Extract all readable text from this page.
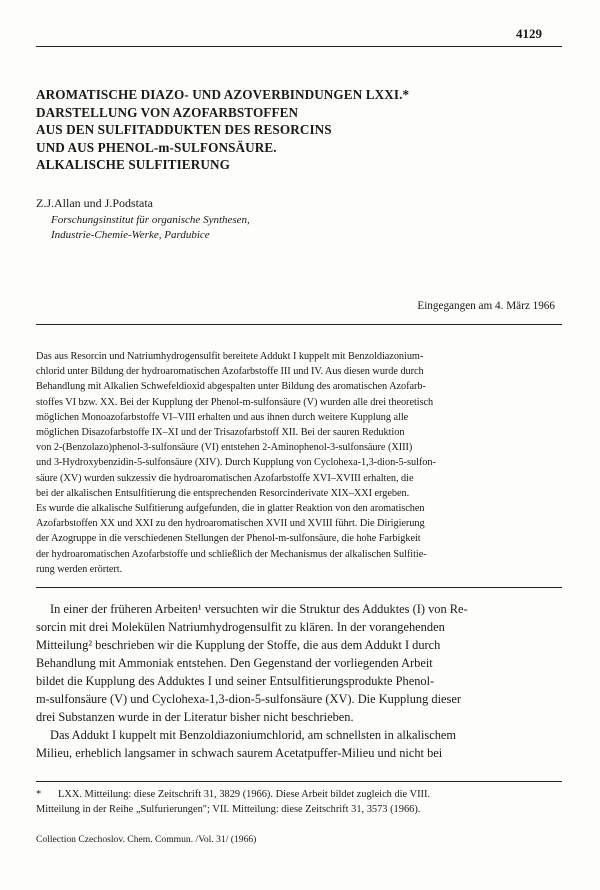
4129
AROMATISCHE DIAZO- UND AZOVERBINDUNGEN LXXI.*
DARSTELLUNG VON AZOFARBSTOFFEN
AUS DEN SULFITADDUKTEN DES RESORCINS
UND AUS PHENOL-m-SULFONSÄURE.
ALKALISCHE SULFITIERUNG
Z.J.Allan und J.Podstata
Forschungsinstitut für organische Synthesen,
Industrie-Chemie-Werke, Pardubice
Eingegangen am 4. März 1966
Das aus Resorcin und Natriumhydrogensulfit bereitete Addukt I kuppelt mit Benzoldiazonium-
chlorid unter Bildung der hydroaromatischen Azofarbstoffe III und IV. Aus diesen wurde durch
Behandlung mit Alkalien Schwefeldioxid abgespalten unter Bildung des aromatischen Azofarb-
stoffes VI bzw. XX. Bei der Kupplung der Phenol-m-sulfonsäure (V) wurden alle drei theoretisch
möglichen Monoazofarbstoffe VI–VIII erhalten und aus ihnen durch weitere Kupplung alle
möglichen Disazofarbstoffe IX–XI und der Trisazofarbstoff XII. Bei der sauren Reduktion
von 2-(Benzolazo)phenol-3-sulfonsäure (VI) entstehen 2-Aminophenol-3-sulfonsäure (XIII)
und 3-Hydroxybenzidin-5-sulfonsäure (XIV). Durch Kupplung von Cyclohexa-1,3-dion-5-sulfon-
säure (XV) wurden sukzessiv die hydroaromatischen Azofarbstoffe XVI–XVIII erhalten, die
bei der alkalischen Entsulfitierung die entsprechenden Resorcinderivate XIX–XXI ergeben.
Es wurde die alkalische Sulfitierung aufgefunden, die in glatter Reaktion von den aromatischen
Azofarbstoffen XX und XXI zu den hydroaromatischen XVII und XVIII führt. Die Dirigierung
der Azogruppe in die verschiedenen Stellungen der Phenol-m-sulfonsäure, die hohe Farbigkeit
der hydroaromatischen Azofarbstoffe und schließlich der Mechanismus der alkalischen Sulfitie-
rung werden erörtert.
In einer der früheren Arbeiten¹ versuchten wir die Struktur des Adduktes (I) von Re-
sorcin mit drei Molekülen Natriumhydrogensulfit zu klären. In der vorangehenden
Mitteilung² beschrieben wir die Kupplung der Stoffe, die aus dem Addukt I durch
Behandlung mit Ammoniak entstehen. Den Gegenstand der vorliegenden Arbeit
bildet die Kupplung des Adduktes I und seiner Entsulfitierungsprodukte Phenol-
m-sulfonsäure (V) und Cyclohexa-1,3-dion-5-sulfonsäure (XV). Die Kupplung dieser
drei Substanzen wurde in der Literatur bisher nicht beschrieben.
Das Addukt I kuppelt mit Benzoldiazoniumchlorid, am schnellsten in alkalischem
Milieu, erheblich langsamer in schwach saurem Acetatpuffer-Milieu und nicht bei
* LXX. Mitteilung: diese Zeitschrift 31, 3829 (1966). Diese Arbeit bildet zugleich die VIII.
Mitteilung in der Reihe „Sulfurierungen"; VII. Mitteilung: diese Zeitschrift 31, 3573 (1966).
Collection Czechoslov. Chem. Commun. /Vol. 31/ (1966)
